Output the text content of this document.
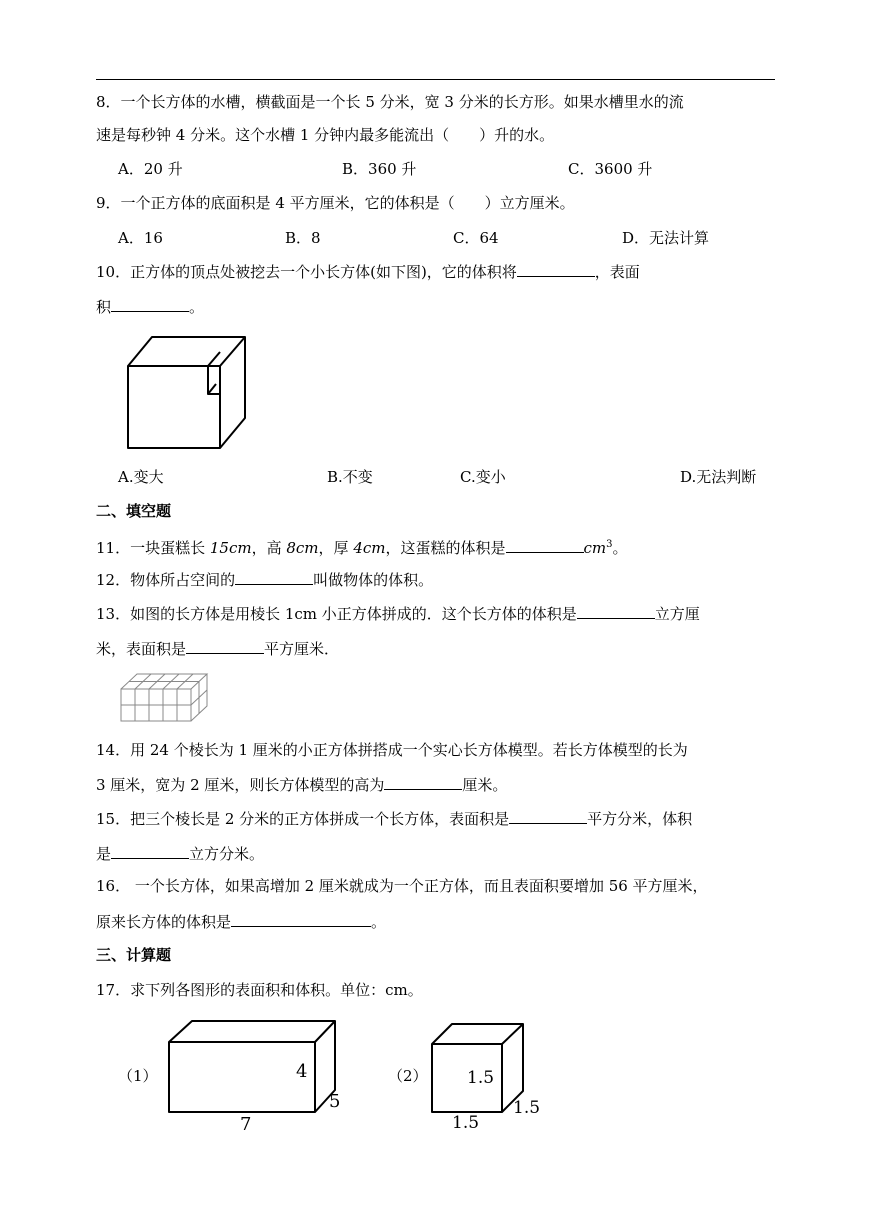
8．一个长方体的水槽，横截面是一个长 5 分米，宽 3 分米的长方形。如果水槽里水的流
速是每秒钟 4 分米。这个水槽 1 分钟内最多能流出（　　）升的水。
A．20 升	B．360 升	C．3600 升
9．一个正方体的底面积是 4 平方厘米，它的体积是（　　）立方厘米。
A．16	B．8	C．64	D．无法计算
10．正方体的顶点处被挖去一个小长方体(如下图)，它的体积将	，表面
积	。
A.变大	B.不变	C.变小	D.无法判断
二、填空题
11．一块蛋糕长 15cm，高 8cm，厚 4cm，这蛋糕的体积是	$cm^3$。
12．物体所占空间的	叫做物体的体积。
13．如图的长方体是用棱长 1cm 小正方体拼成的．这个长方体的体积是	立方厘
米，表面积是	平方厘米．
14．用 24 个棱长为 1 厘米的小正方体拼搭成一个实心长方体模型。若长方体模型的长为
3 厘米，宽为 2 厘米，则长方体模型的高为	厘米。
15．把三个棱长是 2 分米的正方体拼成一个长方体，表面积是	平方分米，体积
是	立方分米。
16． 一个长方体，如果高增加 2 厘米就成为一个正方体，而且表面积要增加 56 平方厘米，
原来长方体的体积是	。
三、计算题
17．求下列各图形的表面积和体积。单位：cm。
（1）	4
5
7
（2） 1.5
1.5
1.5
